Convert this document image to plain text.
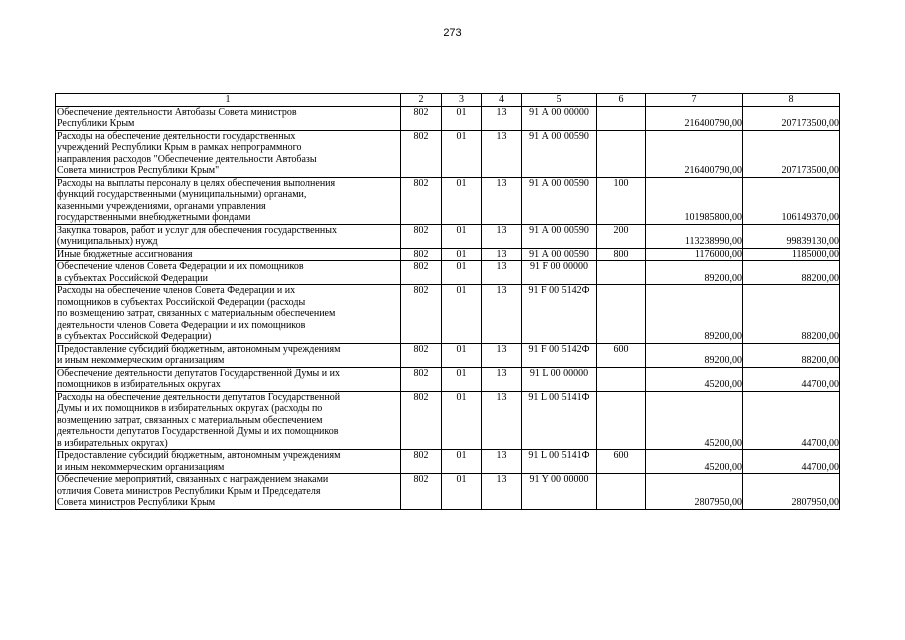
273
1	2	3	4	5	6	7	8
Обеспечение деятельности Автобазы Совета министров
Республики Крым	802	01	13	91 А 00 00000		216400790,00	207173500,00
Расходы на обеспечение деятельности государственных
учреждений Республики Крым в рамках непрограммного
направления расходов "Обеспечение деятельности Автобазы
Совета министров Республики Крым"	802	01	13	91 А 00 00590		216400790,00	207173500,00
Расходы на выплаты персоналу в целях обеспечения выполнения
функций государственными (муниципальными) органами,
казенными учреждениями, органами управления
государственными внебюджетными фондами	802	01	13	91 А 00 00590	100	101985800,00	106149370,00
Закупка товаров, работ и услуг для обеспечения государственных
(муниципальных) нужд	802	01	13	91 А 00 00590	200	113238990,00	99839130,00
Иные бюджетные ассигнования	802	01	13	91 А 00 00590	800	1176000,00	1185000,00
Обеспечение членов Совета Федерации и их помощников
в субъектах Российской Федерации	802	01	13	91 F 00 00000		89200,00	88200,00
Расходы на обеспечение членов Совета Федерации и их
помощников в субъектах Российской Федерации (расходы
по возмещению затрат, связанных с материальным обеспечением
деятельности членов Совета Федерации и их помощников
в субъектах Российской Федерации)	802	01	13	91 F 00 5142Ф		89200,00	88200,00
Предоставление субсидий бюджетным, автономным учреждениям
и иным некоммерческим организациям	802	01	13	91 F 00 5142Ф	600	89200,00	88200,00
Обеспечение деятельности депутатов Государственной Думы и их
помощников в избирательных округах	802	01	13	91 L 00 00000		45200,00	44700,00
Расходы на обеспечение деятельности депутатов Государственной
Думы и их помощников в избирательных округах (расходы по
возмещению затрат, связанных с материальным обеспечением
деятельности депутатов Государственной Думы и их помощников
в избирательных округах)	802	01	13	91 L 00 5141Ф		45200,00	44700,00
Предоставление субсидий бюджетным, автономным учреждениям
и иным некоммерческим организациям	802	01	13	91 L 00 5141Ф	600	45200,00	44700,00
Обеспечение мероприятий, связанных с награждением знаками
отличия Совета министров Республики Крым и Председателя
Совета министров Республики Крым	802	01	13	91 Y 00 00000		2807950,00	2807950,00
